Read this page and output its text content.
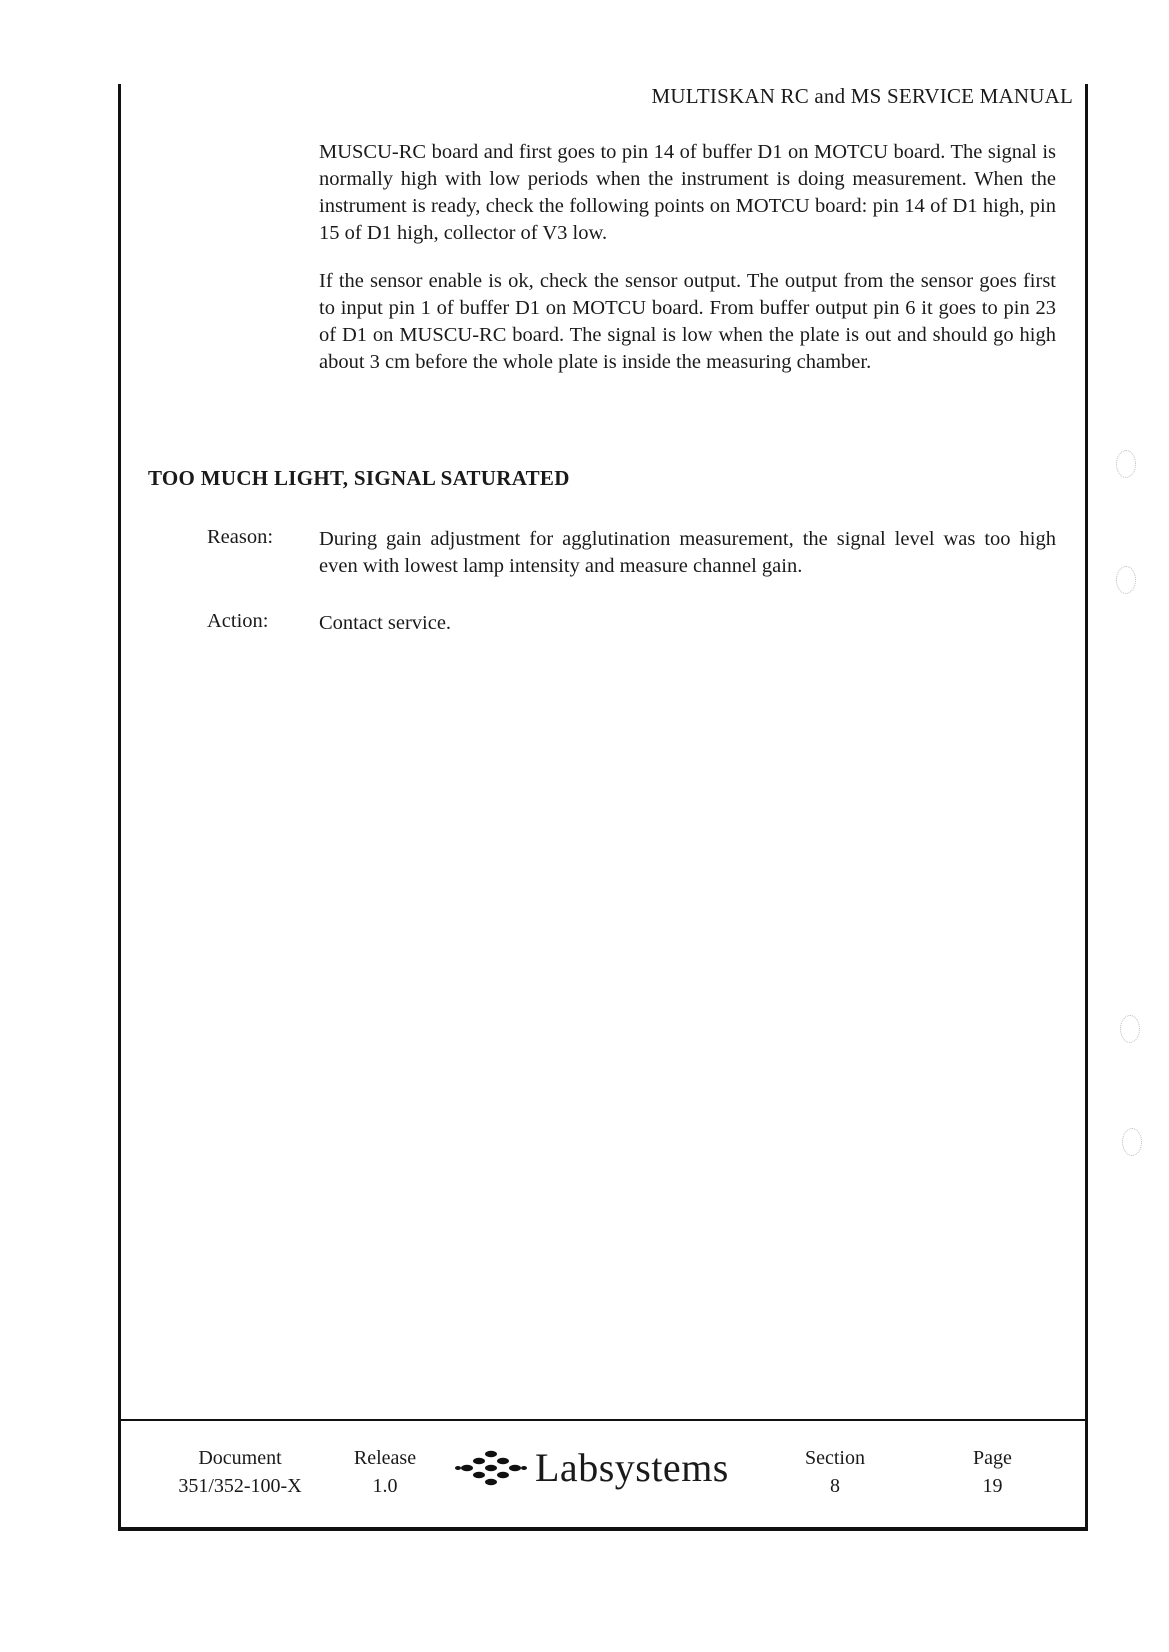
MULTISKAN RC and MS SERVICE MANUAL

MUSCU-RC board and first goes to pin 14 of buffer D1 on MOTCU board. The signal is normally high with low periods when the instrument is doing measurement. When the instrument is ready, check the following points on MOTCU board: pin 14 of D1 high, pin 15 of D1 high, collector of V3 low.

If the sensor enable is ok, check the sensor output. The output from the sensor goes first to input pin 1 of buffer D1 on MOTCU board. From buffer output pin 6 it goes to pin 23 of D1 on MUSCU-RC board. The signal is low when the plate is out and should go high about 3 cm before the whole plate is inside the measuring chamber.

TOO MUCH LIGHT, SIGNAL SATURATED
Reason: During gain adjustment for agglutination measurement, the signal level was too high even with lowest lamp intensity and measure channel gain.

Action: Contact service.

Document
351/352-100-X
Release
1.0	Labsystems	Section
8
Page
19
